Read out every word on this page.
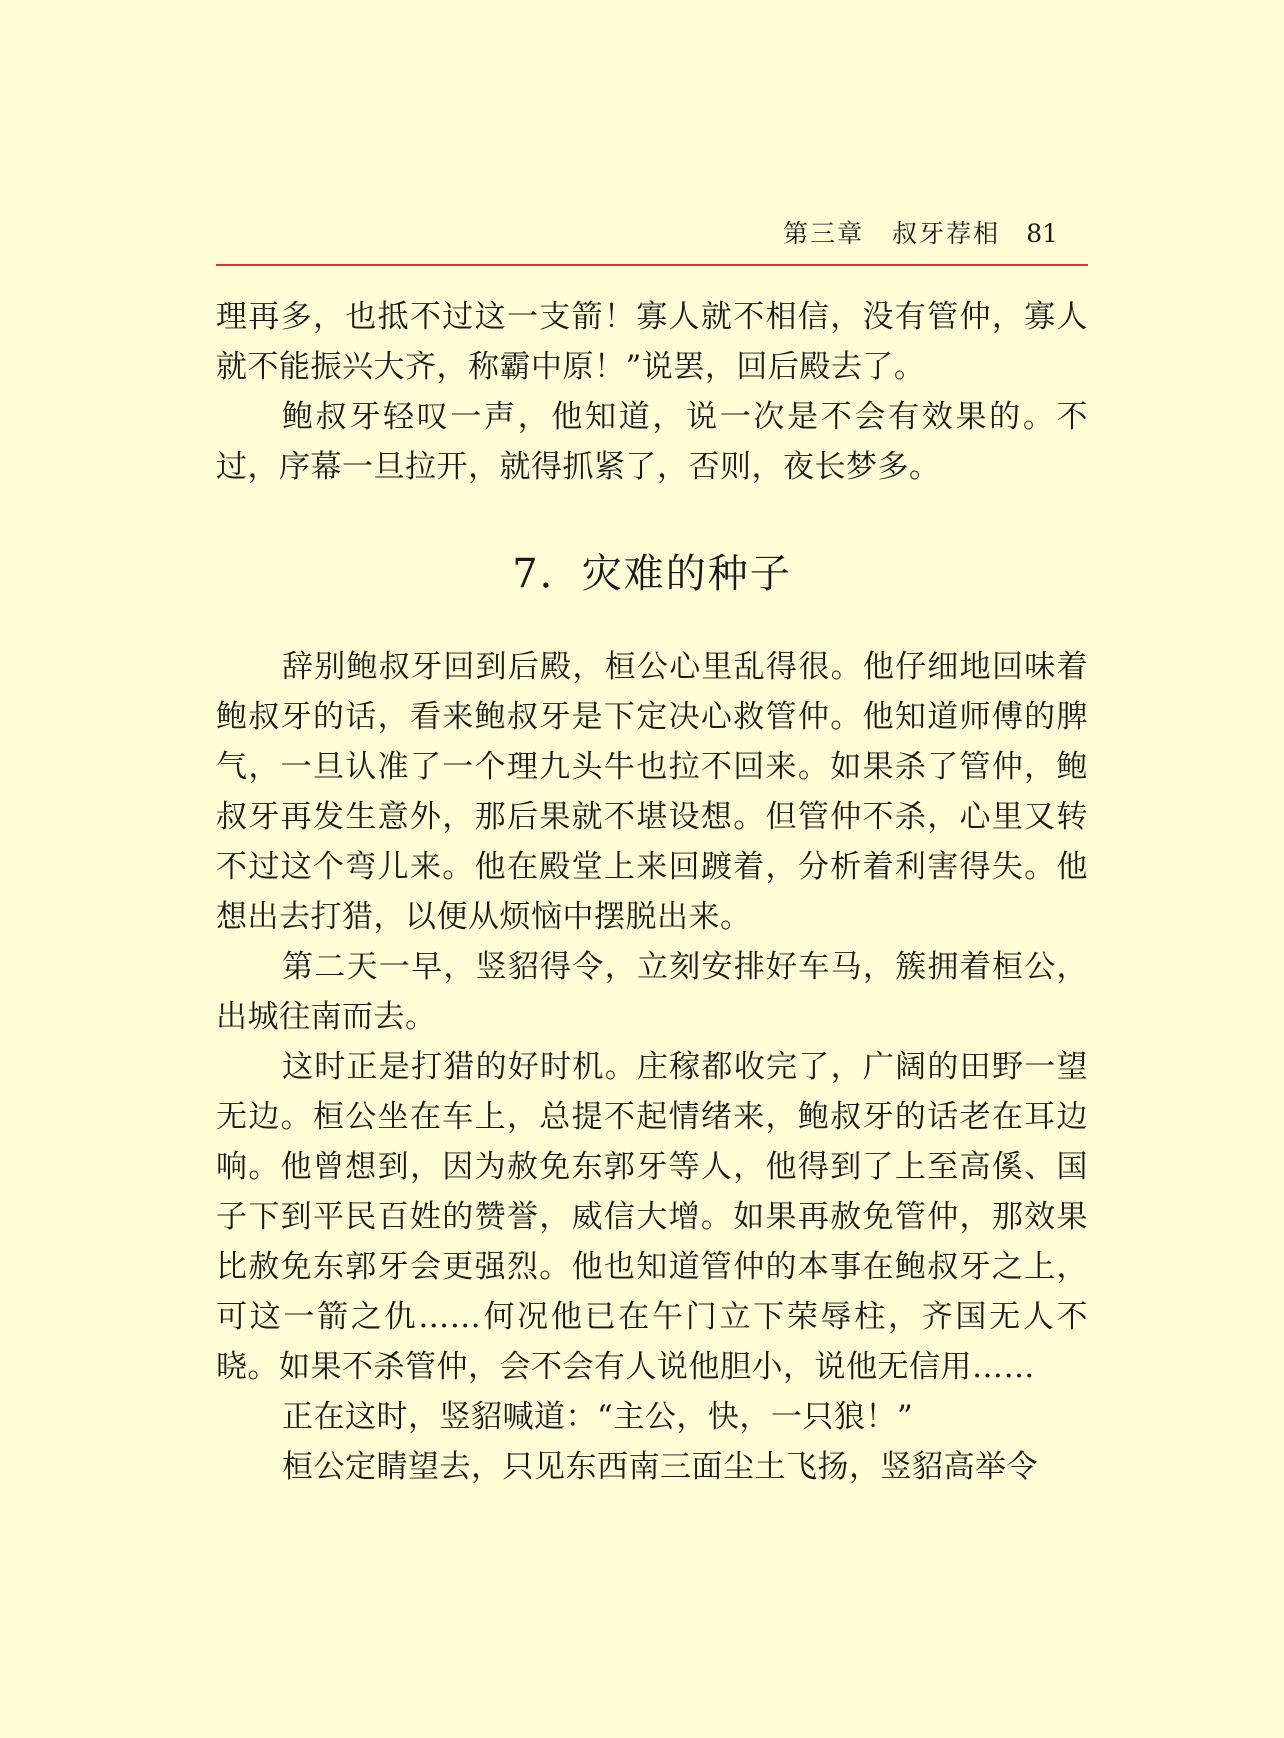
第三章 叔牙荐相 81

理再多，也抵不过这一支箭！寡人就不相信，没有管仲，寡人就不能振兴大齐，称霸中原！”说罢，回后殿去了。

鲍叔牙轻叹一声，他知道，说一次是不会有效果的。不过，序幕一旦拉开，就得抓紧了，否则，夜长梦多。

7．灾难的种子

辞别鲍叔牙回到后殿，桓公心里乱得很。他仔细地回味着鲍叔牙的话，看来鲍叔牙是下定决心救管仲。他知道师傅的脾气，一旦认准了一个理九头牛也拉不回来。如果杀了管仲，鲍叔牙再发生意外，那后果就不堪设想。但管仲不杀，心里又转不过这个弯儿来。他在殿堂上来回踱着，分析着利害得失。他想出去打猎，以便从烦恼中摆脱出来。

第二天一早，竖貂得令，立刻安排好车马，簇拥着桓公，出城往南而去。

这时正是打猎的好时机。庄稼都收完了，广阔的田野一望无边。桓公坐在车上，总提不起情绪来，鲍叔牙的话老在耳边响。他曾想到，因为赦免东郭牙等人，他得到了上至高傒、国子下到平民百姓的赞誉，威信大增。如果再赦免管仲，那效果比赦免东郭牙会更强烈。他也知道管仲的本事在鲍叔牙之上，可这一箭之仇……何况他已在午门立下荣辱柱，齐国无人不晓。如果不杀管仲，会不会有人说他胆小，说他无信用……

正在这时，竖貂喊道：“主公，快，一只狼！”

桓公定睛望去，只见东西南三面尘土飞扬，竖貂高举令
